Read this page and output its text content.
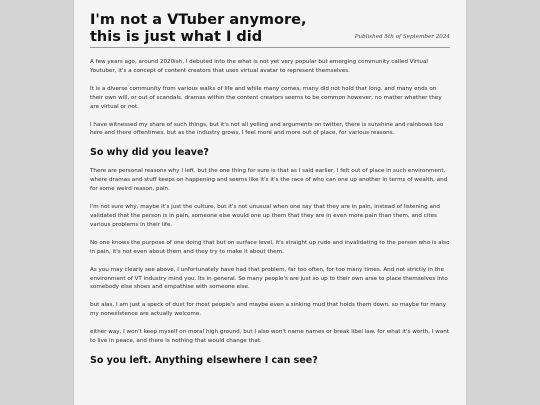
I'm not a VTuber anymore,
this is just what I did	Published 5th of September 2024

A few years ago, around 2020ish, I debuted into the what is not yet very popular but emerging community called Virtual Youtuber, it's a concept of content creators that uses virtual avatar to represent themselves.

It is a diverse community from various walks of life and while many comes, many did not hold that long. and many ends on their own will, or out of scandals. dramas within the content creators seems to be common however, no matter whether they are virtual or not.

I have witnessed my share of such things, but it's not all yelling and arguments on twitter, there is sunshine and rainbows too here and there oftentimes. but as the industry grows, I feel more and more out of place, for various reasons.

So why did you leave?

There are personal reasons why I left. but the one thing for sure is that as I said earlier, I felt out of place in such environment, where dramas and stuff keeps on happening and seems like it's it's the race of who can one up another in terms of wealth, and for some weird reason, pain.

I'm not sure why, maybe it's just the culture, but it's not unusual when one say that they are in pain, instead of listening and validated that the person is in pain, someone else would one up them that they are in even more pain than them, and cites various problems in their life.

No one knows the purpose of one doing that but on surface level, it's straight up rude and invalidating to the person who is also in pain, it's not even about them and they try to make it about them.

As you may clearly see above, I unfortunately have had that problem, far too often, for too many times. And not strictly in the environment of VT industry mind you. Its in general. So many people's are just so up to their own arse to place themselves into somebody else shoes and empathise with someone else.

but alas, I am just a speck of dust for most people's and maybe even a sinking mud that holds them down. so maybe for many my nonexistence are actually welcome.

either way, I won't keep myself on moral high ground, but I also won't name names or break libel law. for what it's worth, I want to live in peace, and there is nothing that would change that.

So you left. Anything elsewhere I can see?
